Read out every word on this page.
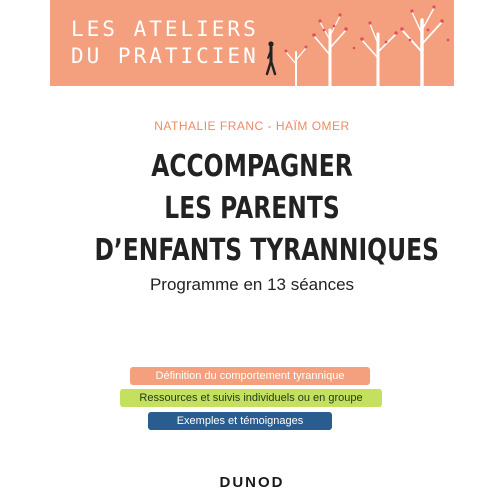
LES ATELIERS
DU PRATICIEN
NATHALIE FRANC - HAÏM OMER
ACCOMPAGNER
LES PARENTS
D’ENFANTS TYRANNIQUES
Programme en 13 séances
Définition du comportement tyrannique
Ressources et suivis individuels ou en groupe
Exemples et témoignages
DUNOD
